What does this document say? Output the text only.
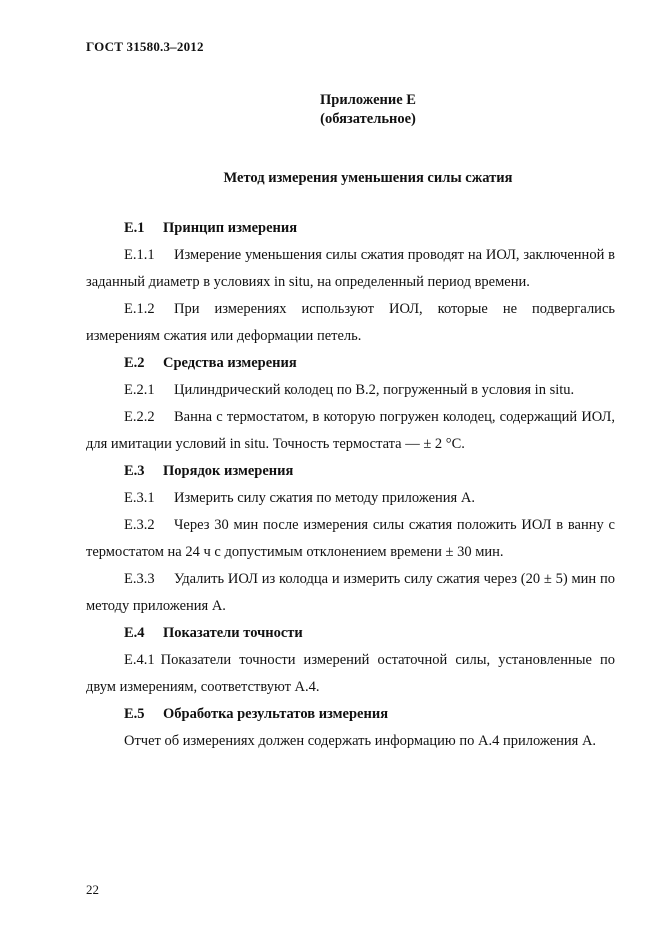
ГОСТ 31580.3–2012
Приложение Е
(обязательное)
Метод измерения уменьшения силы сжатия
Е.1 Принцип измерения

Е.1.1 Измерение уменьшения силы сжатия проводят на ИОЛ, заключенной в заданный диаметр в условиях in situ, на определенный период времени.

Е.1.2 При измерениях используют ИОЛ, которые не подвергались измерениям сжатия или деформации петель.

Е.2 Средства измерения

Е.2.1 Цилиндрический колодец по В.2, погруженный в условия in situ.

Е.2.2 Ванна с термостатом, в которую погружен колодец, содержащий ИОЛ, для имитации условий in situ. Точность термостата — ± 2 °С.

Е.3 Порядок измерения

Е.3.1 Измерить силу сжатия по методу приложения А.

Е.3.2 Через 30 мин после измерения силы сжатия положить ИОЛ в ванну с термостатом на 24 ч с допустимым отклонением времени ± 30 мин.

Е.3.3 Удалить ИОЛ из колодца и измерить силу сжатия через (20 ± 5) мин по методу приложения А.

Е.4 Показатели точности

Е.4.1 Показатели точности измерений остаточной силы, установленные по двум измерениям, соответствуют А.4.

Е.5 Обработка результатов измерения

Отчет об измерениях должен содержать информацию по А.4 приложения А.

22
